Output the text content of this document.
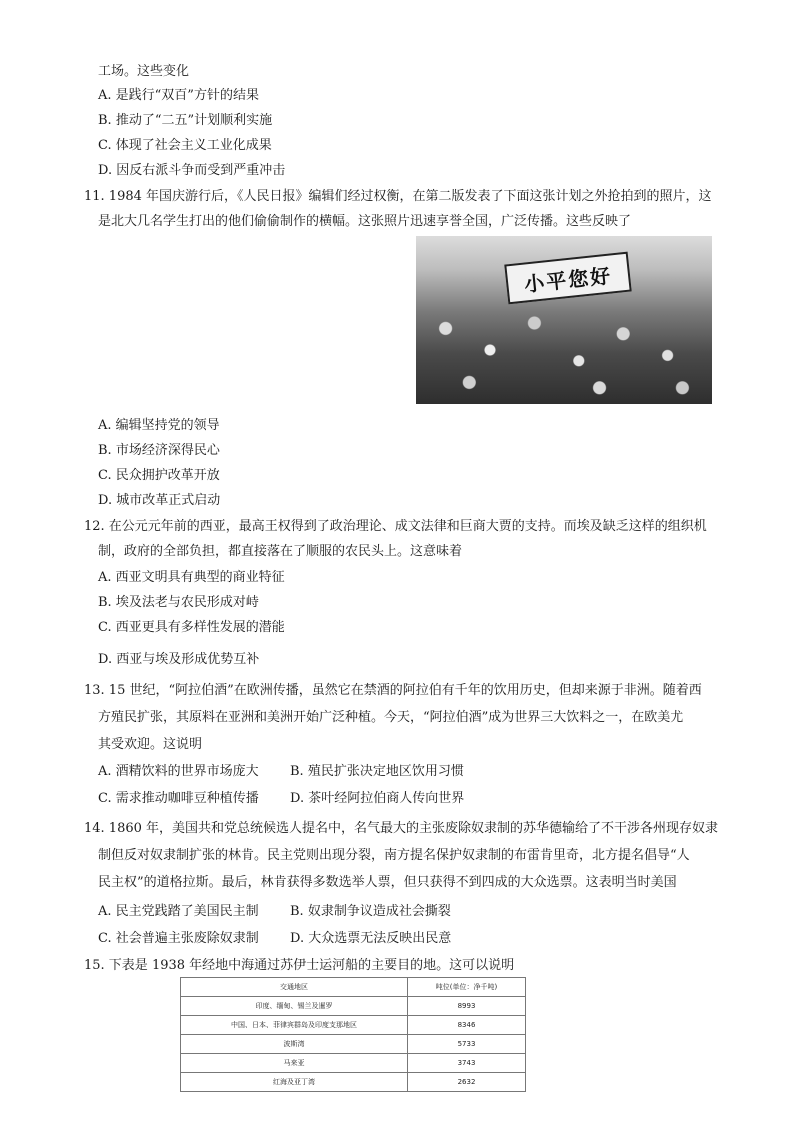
工场。这些变化
A. 是践行“双百”方针的结果
B. 推动了“二五”计划顺利实施
C. 体现了社会主义工业化成果
D. 因反右派斗争而受到严重冲击
11. 1984 年国庆游行后，《人民日报》编辑们经过权衡，在第二版发表了下面这张计划之外抢拍到的照片，这
是北大几名学生打出的他们偷偷制作的横幅。这张照片迅速享誉全国，广泛传播。这些反映了
小平您好
A. 编辑坚持党的领导
B. 市场经济深得民心
C. 民众拥护改革开放
D. 城市改革正式启动
12. 在公元元年前的西亚，最高王权得到了政治理论、成文法律和巨商大贾的支持。而埃及缺乏这样的组织机
制，政府的全部负担，都直接落在了顺服的农民头上。这意味着
A. 西亚文明具有典型的商业特征
B. 埃及法老与农民形成对峙
C. 西亚更具有多样性发展的潜能
D. 西亚与埃及形成优势互补
13. 15 世纪，“阿拉伯酒”在欧洲传播，虽然它在禁酒的阿拉伯有千年的饮用历史，但却来源于非洲。随着西
方殖民扩张，其原料在亚洲和美洲开始广泛种植。今天，“阿拉伯酒”成为世界三大饮料之一，在欧美尤
其受欢迎。这说明
A. 酒精饮料的世界市场庞大 B. 殖民扩张决定地区饮用习惯
C. 需求推动咖啡豆种植传播 D. 茶叶经阿拉伯商人传向世界
14. 1860 年，美国共和党总统候选人提名中，名气最大的主张废除奴隶制的苏华德输给了不干涉各州现存奴隶
制但反对奴隶制扩张的林肯。民主党则出现分裂，南方提名保护奴隶制的布雷肯里奇，北方提名倡导“人
民主权”的道格拉斯。最后，林肯获得多数选举人票，但只获得不到四成的大众选票。这表明当时美国
A. 民主党践踏了美国民主制 B. 奴隶制争议造成社会撕裂
C. 社会普遍主张废除奴隶制 D. 大众选票无法反映出民意
15. 下表是 1938 年经地中海通过苏伊士运河船的主要目的地。这可以说明
交通地区	吨位(单位：净千吨)
印度、缅甸、锡兰及暹罗	8993
中国、日本、菲律宾群岛及印度支那地区	8346
波斯湾	5733
马来亚	3743
红海及亚丁湾	2632
